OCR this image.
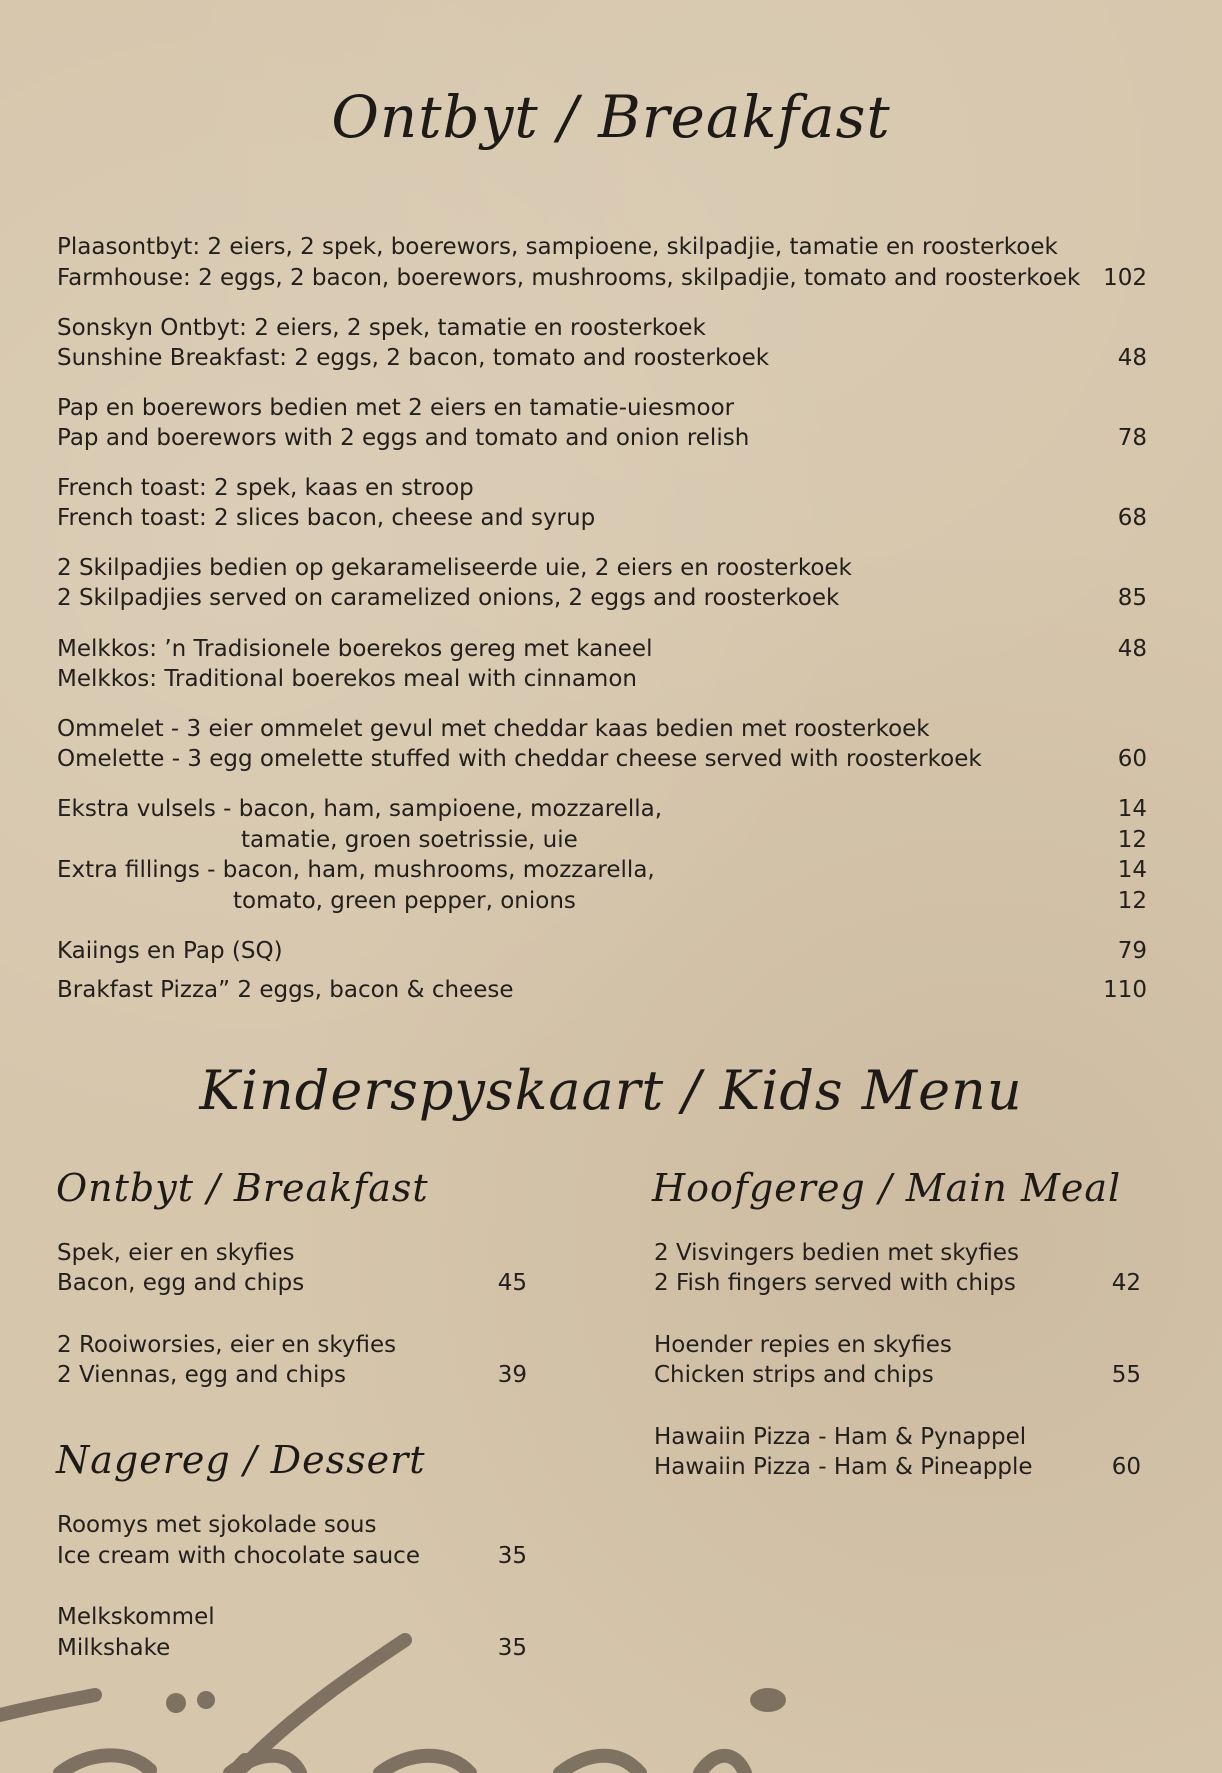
Ontbyt / Breakfast
Kinderspyskaart / Kids Menu
Ontbyt / Breakfast	Hoofgereg / Main Meal
Nagereg / Dessert
Plaasontbyt: 2 eiers, 2 spek, boerewors, sampioene, skilpadjie, tamatie en roosterkoek
Farmhouse: 2 eggs, 2 bacon, boerewors, mushrooms, skilpadjie, tomato and roosterkoek 102
Sonskyn Ontbyt: 2 eiers, 2 spek, tamatie en roosterkoek
Sunshine Breakfast: 2 eggs, 2 bacon, tomato and roosterkoek	48
Pap en boerewors bedien met 2 eiers en tamatie-uiesmoor
Pap and boerewors with 2 eggs and tomato and onion relish	78
French toast: 2 spek, kaas en stroop
French toast: 2 slices bacon, cheese and syrup	68
2 Skilpadjies bedien op gekarameliseerde uie, 2 eiers en roosterkoek
2 Skilpadjies served on caramelized onions, 2 eggs and roosterkoek	85
Melkkos: ’n Tradisionele boerekos gereg met kaneel	48
Melkkos: Traditional boerekos meal with cinnamon
Ommelet - 3 eier ommelet gevul met cheddar kaas bedien met roosterkoek
Omelette - 3 egg omelette stuffed with cheddar cheese served with roosterkoek	60
Ekstra vulsels - bacon, ham, sampioene, mozzarella,	14
tamatie, groen soetrissie, uie	12
Extra fillings - bacon, ham, mushrooms, mozzarella,	14
tomato, green pepper, onions	12
Kaiings en Pap (SQ)	79
Brakfast Pizza” 2 eggs, bacon & cheese	110
Spek, eier en skyfies
Bacon, egg and chips	45
2 Rooiworsies, eier en skyfies
2 Viennas, egg and chips	39
Roomys met sjokolade sous
Ice cream with chocolate sauce	35
Melkskommel
Milkshake	35
2 Visvingers bedien met skyfies
2 Fish fingers served with chips	42
Hoender repies en skyfies
Chicken strips and chips	55
Hawaiin Pizza - Ham & Pynappel
Hawaiin Pizza - Ham & Pineapple	60
